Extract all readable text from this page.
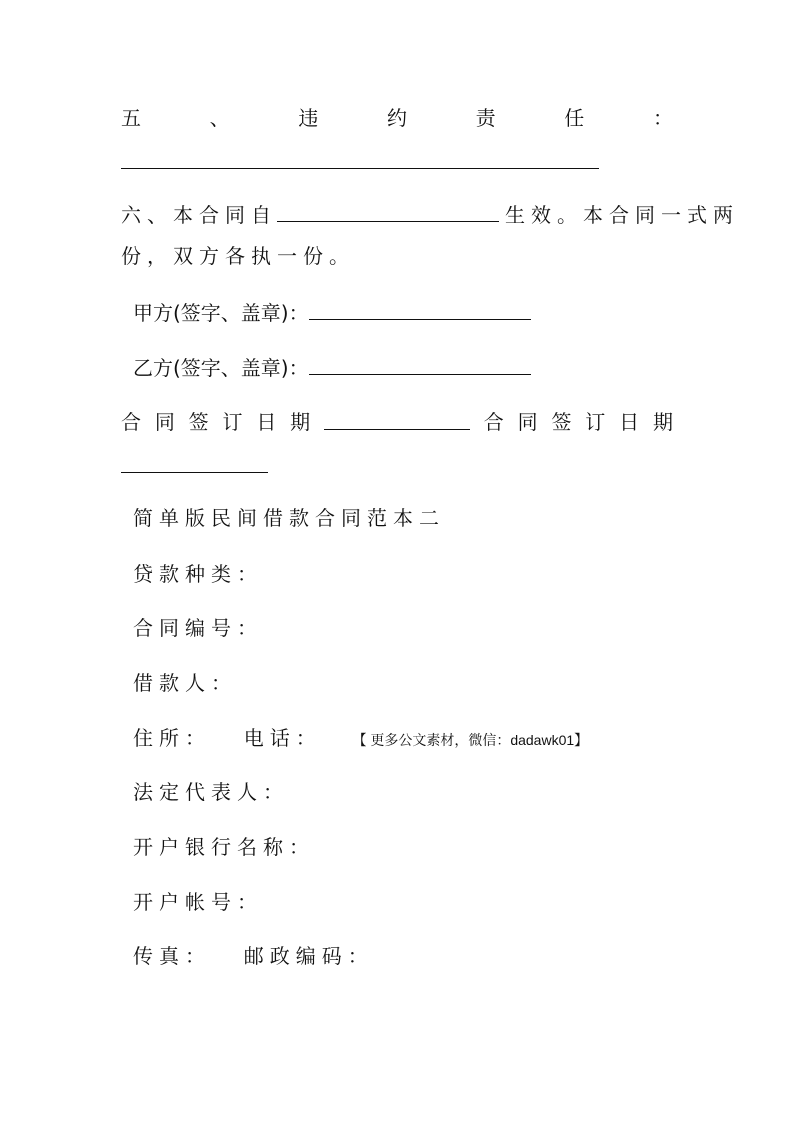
五	、	违	约	责	任	：
六、本合同自	生效。本合同一式两
份，双方各执一份。
甲方(签字、盖章)：
乙方(签字、盖章)：
合 同 签 订 日 期	合 同 签 订 日 期
简单版民间借款合同范本二
贷款种类：
合同编号：
借款人：
住所： 电话： 【 更多公文素材，微信：dadawk01】
法定代表人：
开户银行名称：
开户帐号：
传真： 邮政编码：
